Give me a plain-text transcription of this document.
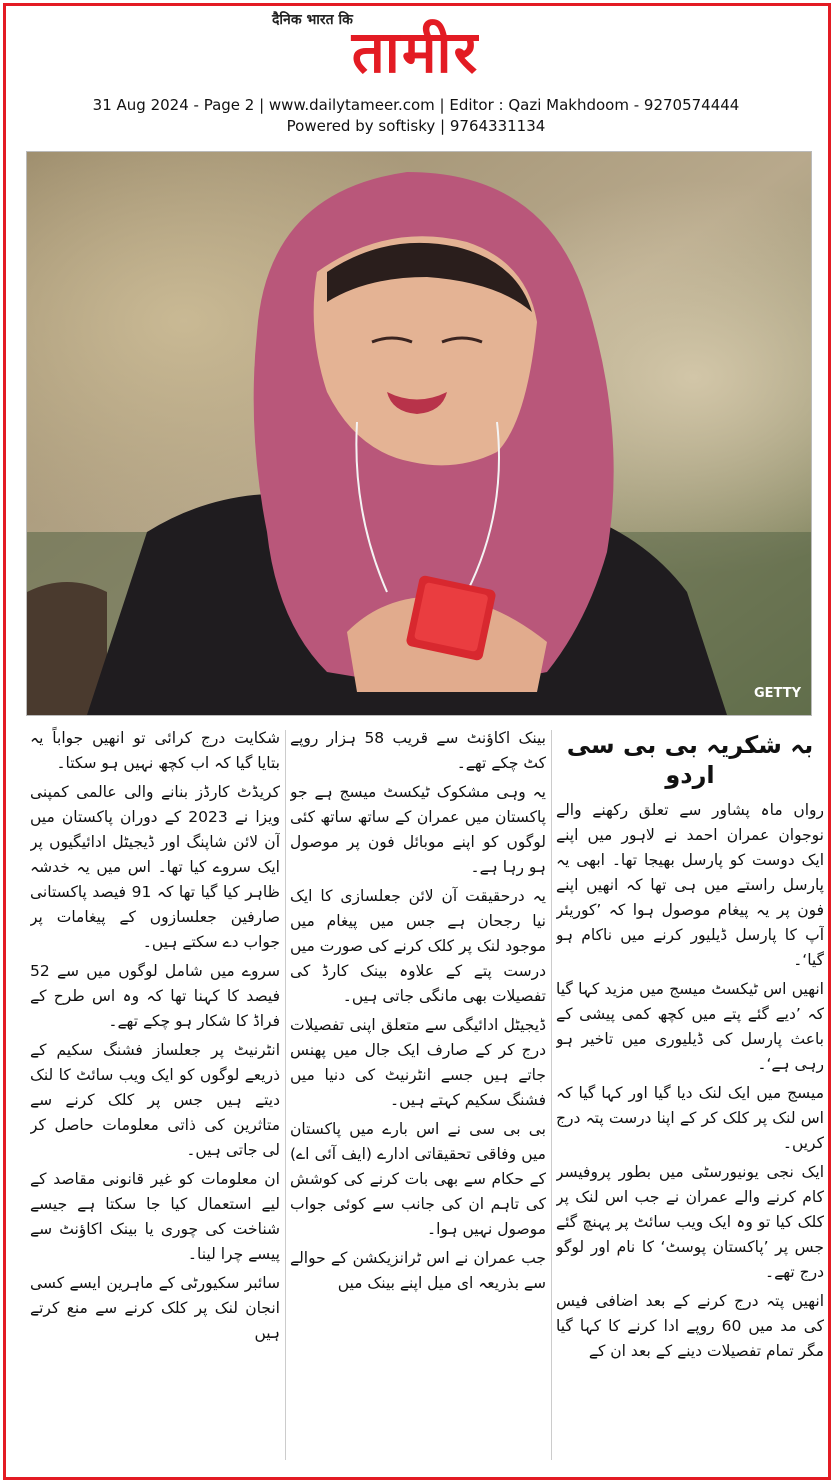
दैनिक भारत कि
तामीर
31 Aug 2024 - Page 2 | www.dailytameer.com | Editor : Qazi Makhdoom - 9270574444
Powered by softisky | 9764331134
GETTY
بہ شکریہ بی بی سی اردو

رواں ماہ پشاور سے تعلق رکھنے والے نوجوان عمران احمد نے لاہور میں اپنے ایک دوست کو پارسل بھیجا تھا۔ ابھی یہ پارسل راستے میں ہی تھا کہ انھیں اپنے فون پر یہ پیغام موصول ہوا کہ ’کوریئر آپ کا پارسل ڈیلیور کرنے میں ناکام ہو گیا‘۔

انھیں اس ٹیکسٹ میسج میں مزید کہا گیا کہ ’دیے گئے پتے میں کچھ کمی پیشی کے باعث پارسل کی ڈیلیوری میں تاخیر ہو رہی ہے‘۔

میسج میں ایک لنک دیا گیا اور کہا گیا کہ اس لنک پر کلک کر کے اپنا درست پتہ درج کریں۔

ایک نجی یونیورسٹی میں بطور پروفیسر کام کرنے والے عمران نے جب اس لنک پر کلک کیا تو وہ ایک ویب سائٹ پر پہنچ گئے جس پر ’پاکستان پوسٹ‘ کا نام اور لوگو درج تھے۔

انھیں پتہ درج کرنے کے بعد اضافی فیس کی مد میں 60 روپے ادا کرنے کا کہا گیا مگر تمام تفصیلات دینے کے بعد ان کے

بینک اکاؤنٹ سے قریب 58 ہزار روپے کٹ چکے تھے۔

یہ وہی مشکوک ٹیکسٹ میسج ہے جو پاکستان میں عمران کے ساتھ ساتھ کئی لوگوں کو اپنے موبائل فون پر موصول ہو رہا ہے۔

یہ درحقیقت آن لائن جعلسازی کا ایک نیا رجحان ہے جس میں پیغام میں موجود لنک پر کلک کرنے کی صورت میں درست پتے کے علاوہ بینک کارڈ کی تفصیلات بھی مانگی جاتی ہیں۔

ڈیجیٹل ادائیگی سے متعلق اپنی تفصیلات درج کر کے صارف ایک جال میں پھنس جاتے ہیں جسے انٹرنیٹ کی دنیا میں فشنگ سکیم کہتے ہیں۔

بی بی سی نے اس بارے میں پاکستان میں وفاقی تحقیقاتی ادارے (ایف آئی اے) کے حکام سے بھی بات کرنے کی کوشش کی تاہم ان کی جانب سے کوئی جواب موصول نہیں ہوا۔

جب عمران نے اس ٹرانزیکشن کے حوالے سے بذریعہ ای میل اپنے بینک میں

شکایت درج کرائی تو انھیں جواباً یہ بتایا گیا کہ اب کچھ نہیں ہو سکتا۔

کریڈٹ کارڈز بنانے والی عالمی کمپنی ویزا نے 2023 کے دوران پاکستان میں آن لائن شاپنگ اور ڈیجیٹل ادائیگیوں پر ایک سروے کیا تھا۔ اس میں یہ خدشہ ظاہر کیا گیا تھا کہ 91 فیصد پاکستانی صارفین جعلسازوں کے پیغامات پر جواب دے سکتے ہیں۔

سروے میں شامل لوگوں میں سے 52 فیصد کا کہنا تھا کہ وہ اس طرح کے فراڈ کا شکار ہو چکے تھے۔

انٹرنیٹ پر جعلساز فشنگ سکیم کے ذریعے لوگوں کو ایک ویب سائٹ کا لنک دیتے ہیں جس پر کلک کرنے سے متاثرین کی ذاتی معلومات حاصل کر لی جاتی ہیں۔

ان معلومات کو غیر قانونی مقاصد کے لیے استعمال کیا جا سکتا ہے جیسے شناخت کی چوری یا بینک اکاؤنٹ سے پیسے چرا لینا۔

سائبر سکیورٹی کے ماہرین ایسے کسی انجان لنک پر کلک کرنے سے منع کرتے ہیں
